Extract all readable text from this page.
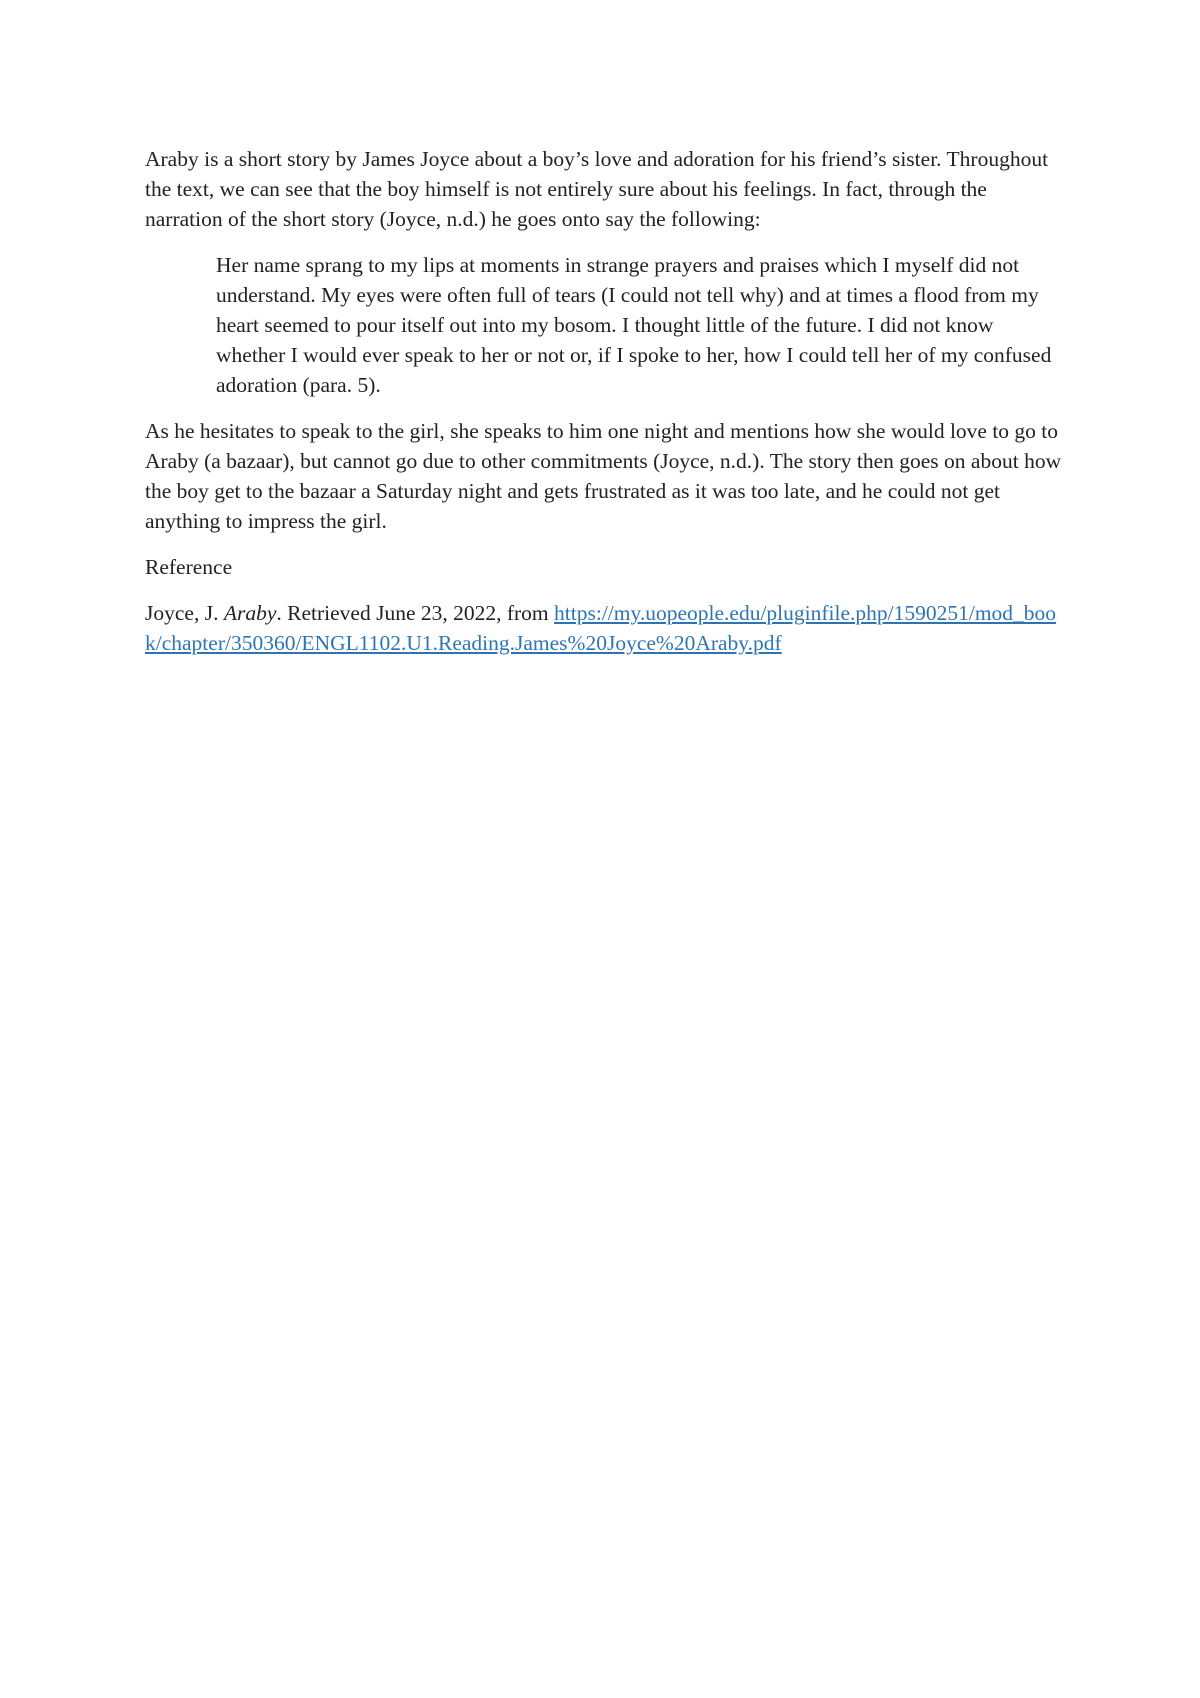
Araby is a short story by James Joyce about a boy’s love and adoration for his friend’s sister. Throughout the text, we can see that the boy himself is not entirely sure about his feelings. In fact, through the narration of the short story (Joyce, n.d.) he goes onto say the following:

Her name sprang to my lips at moments in strange prayers and praises which I myself did not understand. My eyes were often full of tears (I could not tell why) and at times a flood from my heart seemed to pour itself out into my bosom. I thought little of the future. I did not know whether I would ever speak to her or not or, if I spoke to her, how I could tell her of my confused adoration (para. 5).

As he hesitates to speak to the girl, she speaks to him one night and mentions how she would love to go to Araby (a bazaar), but cannot go due to other commitments (Joyce, n.d.). The story then goes on about how the boy get to the bazaar a Saturday night and gets frustrated as it was too late, and he could not get anything to impress the girl.

Reference

Joyce, J. Araby. Retrieved June 23, 2022, from https://my.uopeople.edu/pluginfile.php/1590251/mod_book/chapter/350360/ENGL1102.U1.Reading.James%20Joyce%20Araby.pdf
